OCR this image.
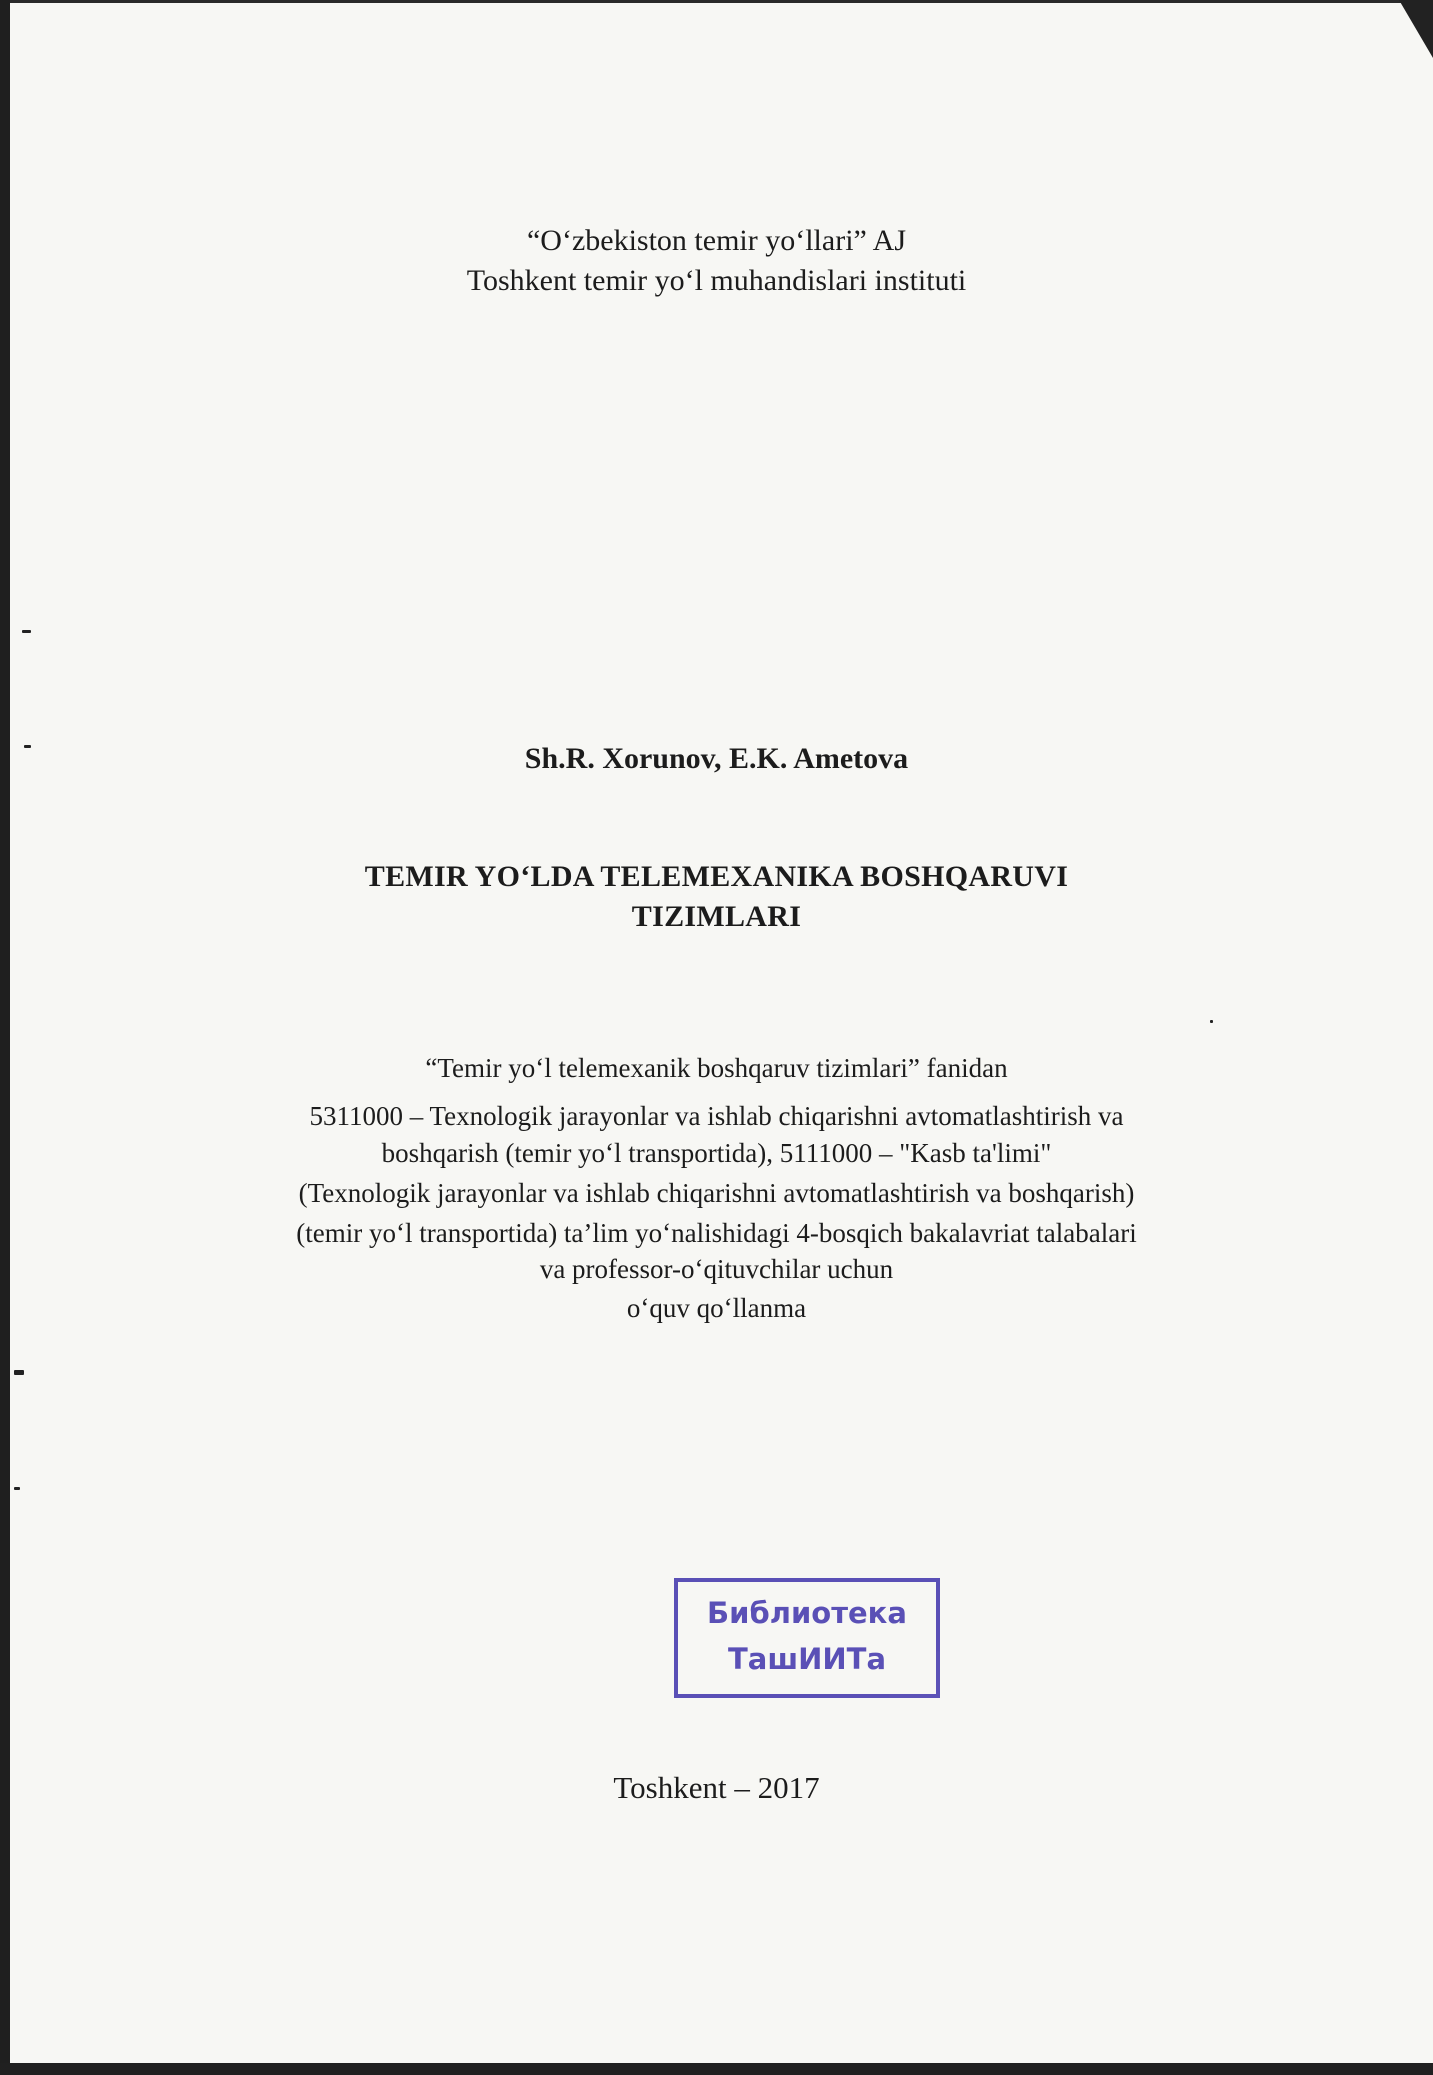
“O‘zbekiston temir yo‘llari” AJ
Toshkent temir yo‘l muhandislari instituti
Sh.R. Xorunov, E.K. Ametova
TEMIR YO‘LDA TELEMEXANIKA BOSHQARUVI
TIZIMLARI
“Temir yo‘l telemexanik boshqaruv tizimlari” fanidan
5311000 – Texnologik jarayonlar va ishlab chiqarishni avtomatlashtirish va
boshqarish (temir yo‘l transportida), 5111000 – "Kasb ta'limi"
(Texnologik jarayonlar va ishlab chiqarishni avtomatlashtirish va boshqarish)
(temir yo‘l transportida) ta’lim yo‘nalishidagi 4-bosqich bakalavriat talabalari
va professor-o‘qituvchilar uchun
o‘quv qo‘llanma
Библиотека
ТашИИТа
Toshkent – 2017
